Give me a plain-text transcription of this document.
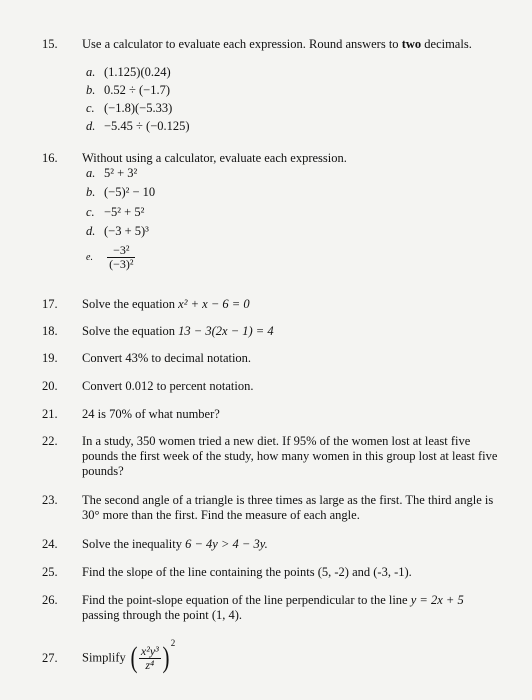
15.	Use a calculator to evaluate each expression. Round answers to two decimals.
a. (1.125)(0.24)
b. 0.52 ÷ (−1.7)
c. (−1.8)(−5.33)
d. −5.45 ÷ (−0.125)
16.	Without using a calculator, evaluate each expression.
a. 5² + 3²
b. (−5)² − 10
c. −5² + 5²
d. (−3 + 5)³
e. $\frac{\text{−3²}}{\text{(−3)²}}$
17.	Solve the equation x² + x − 6 = 0
18.	Solve the equation 13 − 3(2x − 1) = 4
19.	Convert 43% to decimal notation.
20.	Convert 0.012 to percent notation.
21.	24 is 70% of what number?
22.	In a study, 350 women tried a new diet. If 95% of the women lost at least five pounds the first week of the study, how many women in this group lost at least five pounds?
23.	The second angle of a triangle is three times as large as the first. The third angle is 30° more than the first. Find the measure of each angle.
24.	Solve the inequality 6 − 4y > 4 − 3y.
25.	Find the slope of the line containing the points (5, -2) and (-3, -1).
26.	Find the point-slope equation of the line perpendicular to the line y = 2x + 5 passing through the point (1, 4).
27.	Simplify ( $\frac{\text{x²y³}}{\text{z⁴}}$ ) $^2$
